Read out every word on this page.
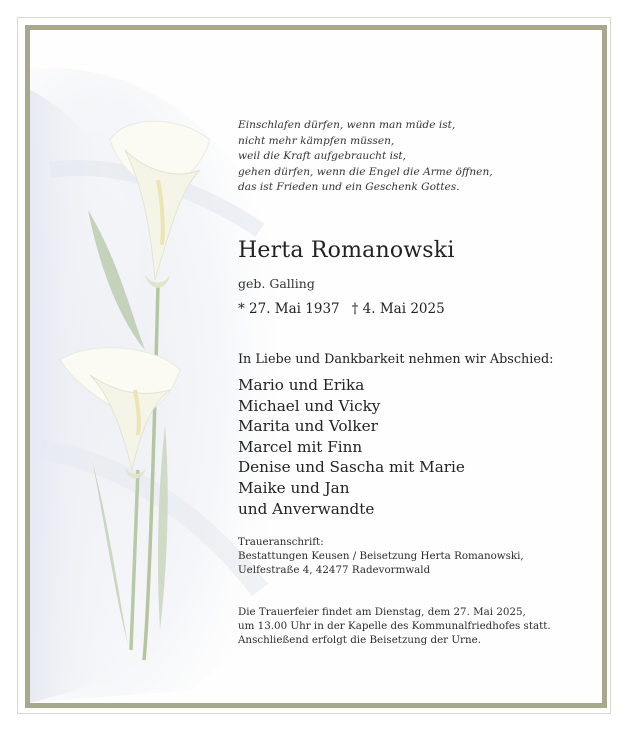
Einschlafen dürfen, wenn man müde ist,
nicht mehr kämpfen müssen,
weil die Kraft aufgebraucht ist,
gehen dürfen, wenn die Engel die Arme öffnen,
das ist Frieden und ein Geschenk Gottes.
Herta Romanowski
geb. Galling
* 27. Mai 1937 † 4. Mai 2025
In Liebe und Dankbarkeit nehmen wir Abschied:
Mario und Erika
Michael und Vicky
Marita und Volker
Marcel mit Finn
Denise und Sascha mit Marie
Maike und Jan
und Anverwandte
Traueranschrift:
Bestattungen Keusen / Beisetzung Herta Romanowski,
Uelfestraße 4, 42477 Radevormwald
Die Trauerfeier findet am Dienstag, dem 27. Mai 2025,
um 13.00 Uhr in der Kapelle des Kommunalfriedhofes statt.
Anschließend erfolgt die Beisetzung der Urne.
